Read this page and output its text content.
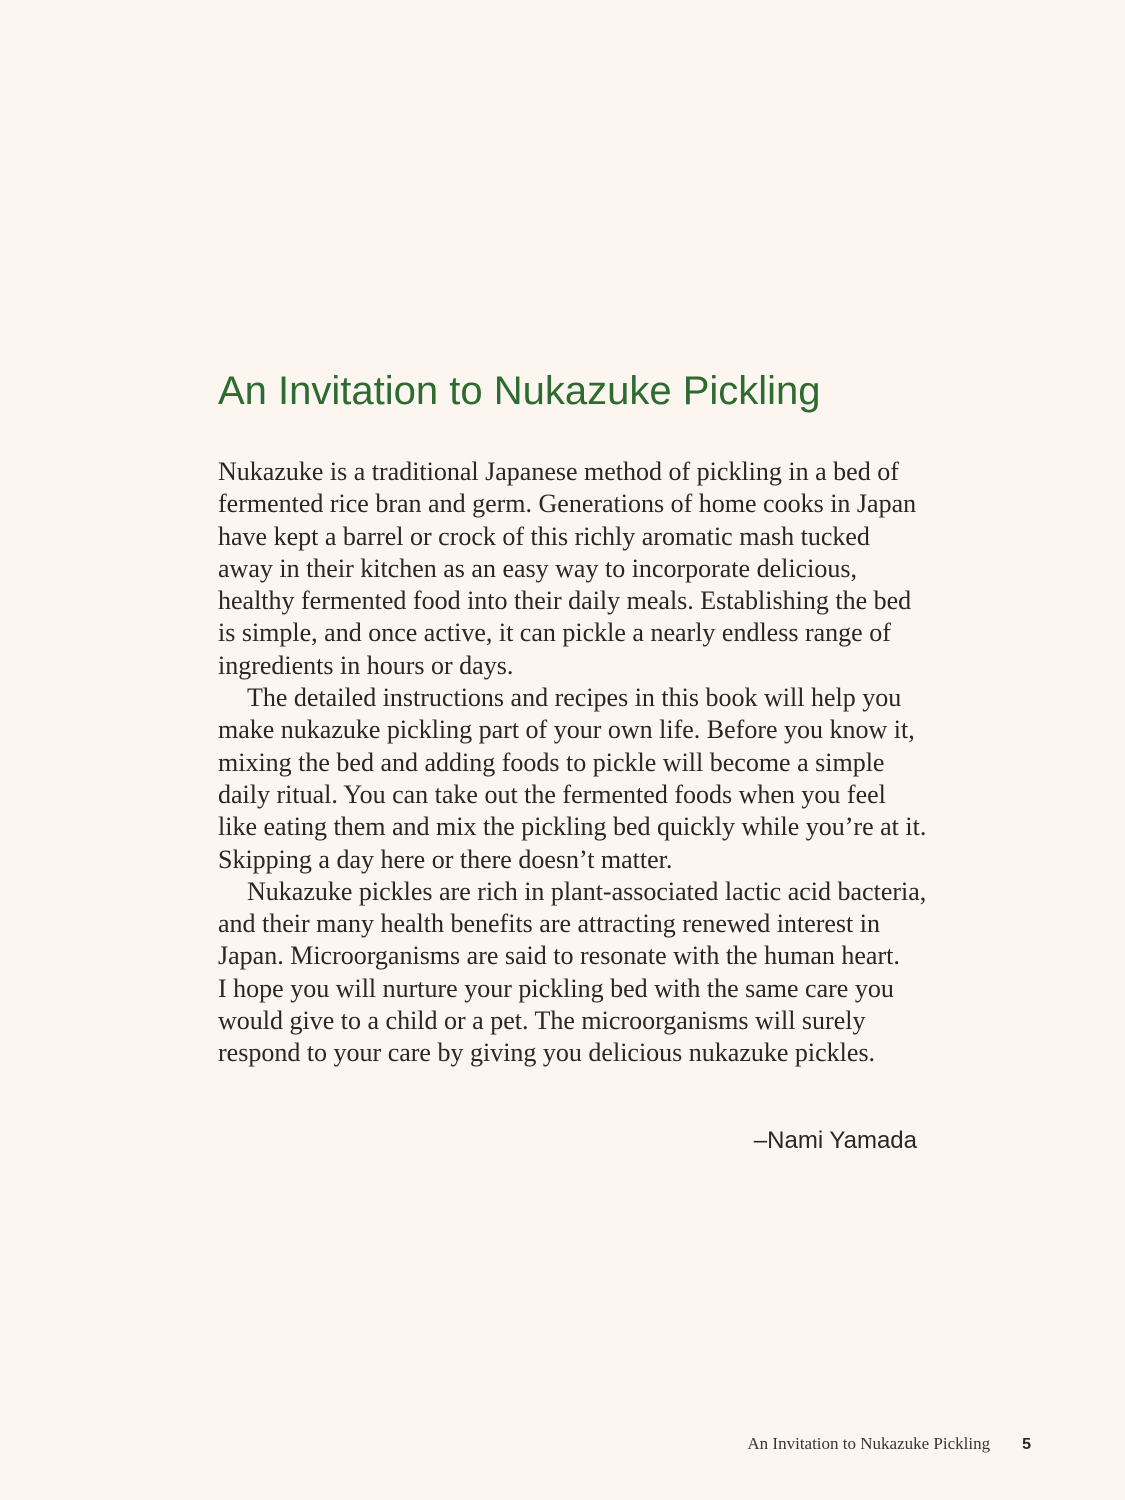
An Invitation to Nukazuke Pickling

Nukazuke is a traditional Japanese method of pickling in a bed of
fermented rice bran and germ. Generations of home cooks in Japan
have kept a barrel or crock of this richly aromatic mash tucked
away in their kitchen as an easy way to incorporate delicious,
healthy fermented food into their daily meals. Establishing the bed
is simple, and once active, it can pickle a nearly endless range of
ingredients in hours or days.

The detailed instructions and recipes in this book will help you
make nukazuke pickling part of your own life. Before you know it,
mixing the bed and adding foods to pickle will become a simple
daily ritual. You can take out the fermented foods when you feel
like eating them and mix the pickling bed quickly while you’re at it.
Skipping a day here or there doesn’t matter.

Nukazuke pickles are rich in plant-associated lactic acid bacteria,
and their many health benefits are attracting renewed interest in
Japan. Microorganisms are said to resonate with the human heart.
I hope you will nurture your pickling bed with the same care you
would give to a child or a pet. The microorganisms will surely
respond to your care by giving you delicious nukazuke pickles.

–Nami Yamada

An Invitation to Nukazuke Pickling 5
